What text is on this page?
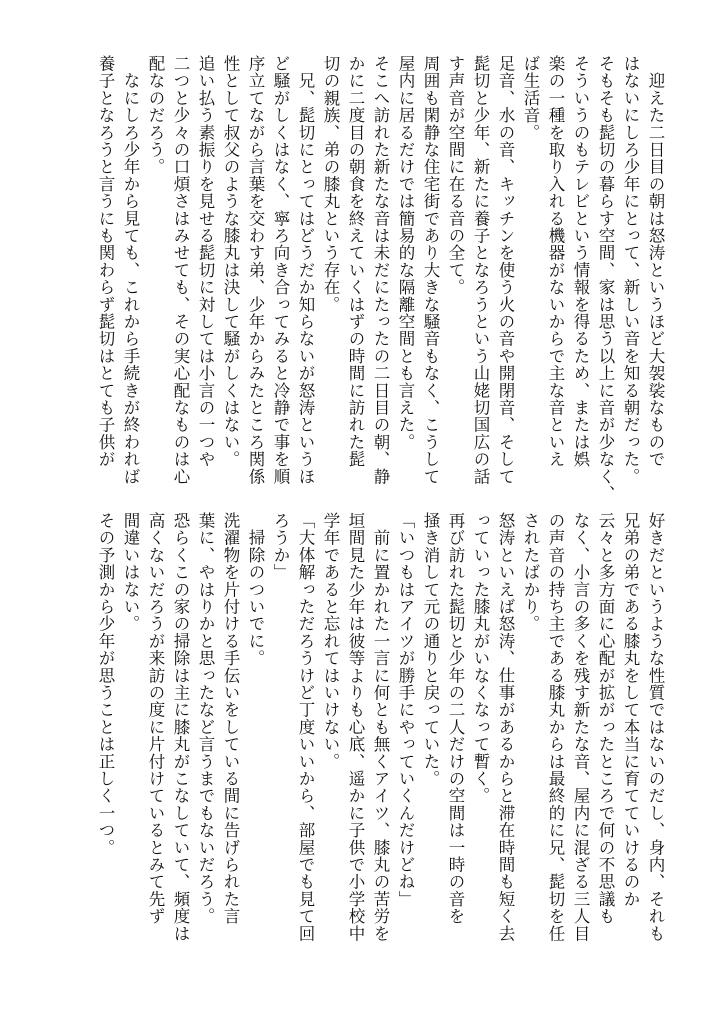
　迎えた二日目の朝は怒涛というほど大袈裟なもので
はないにしろ少年にとって、新しい音を知る朝だった。
そもそも髭切の暮らす空間、家は思う以上に音が少なく、
そういうのもテレビという情報を得るため、または娯
楽の一種を取り入れる機器がないからで主な音といえ
ば生活音。
足音、水の音、キッチンを使う火の音や開閉音、そして
髭切と少年、新たに養子となろうという山姥切国広の話
す声音が空間に在る音の全て。
周囲も閑静な住宅街であり大きな騒音もなく、こうして
屋内に居るだけでは簡易的な隔離空間とも言えた。
そこへ訪れた新たな音は未だにたったの二日目の朝、静
かに二度目の朝食を終えていくはずの時間に訪れた髭
切の親族、弟の膝丸という存在。
　兄、髭切にとってはどうだか知らないが怒涛というほ
ど騒がしくはなく、寧ろ向き合ってみると冷静で事を順
序立てながら言葉を交わす弟、少年からみたところ関係
性として叔父のような膝丸は決して騒がしくはない。
追い払う素振りを見せる髭切に対しては小言の一つや
二つと少々の口煩さはみせても、その実心配なものは心
配なのだろう。
　なにしろ少年から見ても、これから手続きが終われば
養子となろうと言うにも関わらず髭切はとても子供が
好きだというような性質ではないのだし、身内、それも
兄弟の弟である膝丸をして本当に育てていけるのか
云々と多方面に心配が拡がったところで何の不思議も
なく、小言の多くを残す新たな音、屋内に混ざる三人目
の声音の持ち主である膝丸からは最終的に兄、髭切を任
されたばかり。
怒涛といえば怒涛、仕事があるからと滞在時間も短く去
っていった膝丸がいなくなって暫く。
再び訪れた髭切と少年の二人だけの空間は一時の音を
掻き消して元の通りと戻っていた。
「いつもはアイツが勝手にやっていくんだけどね」
　前に置かれた一言に何とも無くアイツ、膝丸の苦労を
垣間見た少年は彼等よりも心底、遥かに子供で小学校中
学年であると忘れてはいけない。
「大体解っただろうけど丁度いいから、部屋でも見て回
ろうか」
　掃除のついでに。
洗濯物を片付ける手伝いをしている間に告げられた言
葉に、やはりかと思ったなど言うまでもないだろう。
恐らくこの家の掃除は主に膝丸がこなしていて、頻度は
高くないだろうが来訪の度に片付けているとみて先ず
間違いはない。
その予測から少年が思うことは正しく一つ。
